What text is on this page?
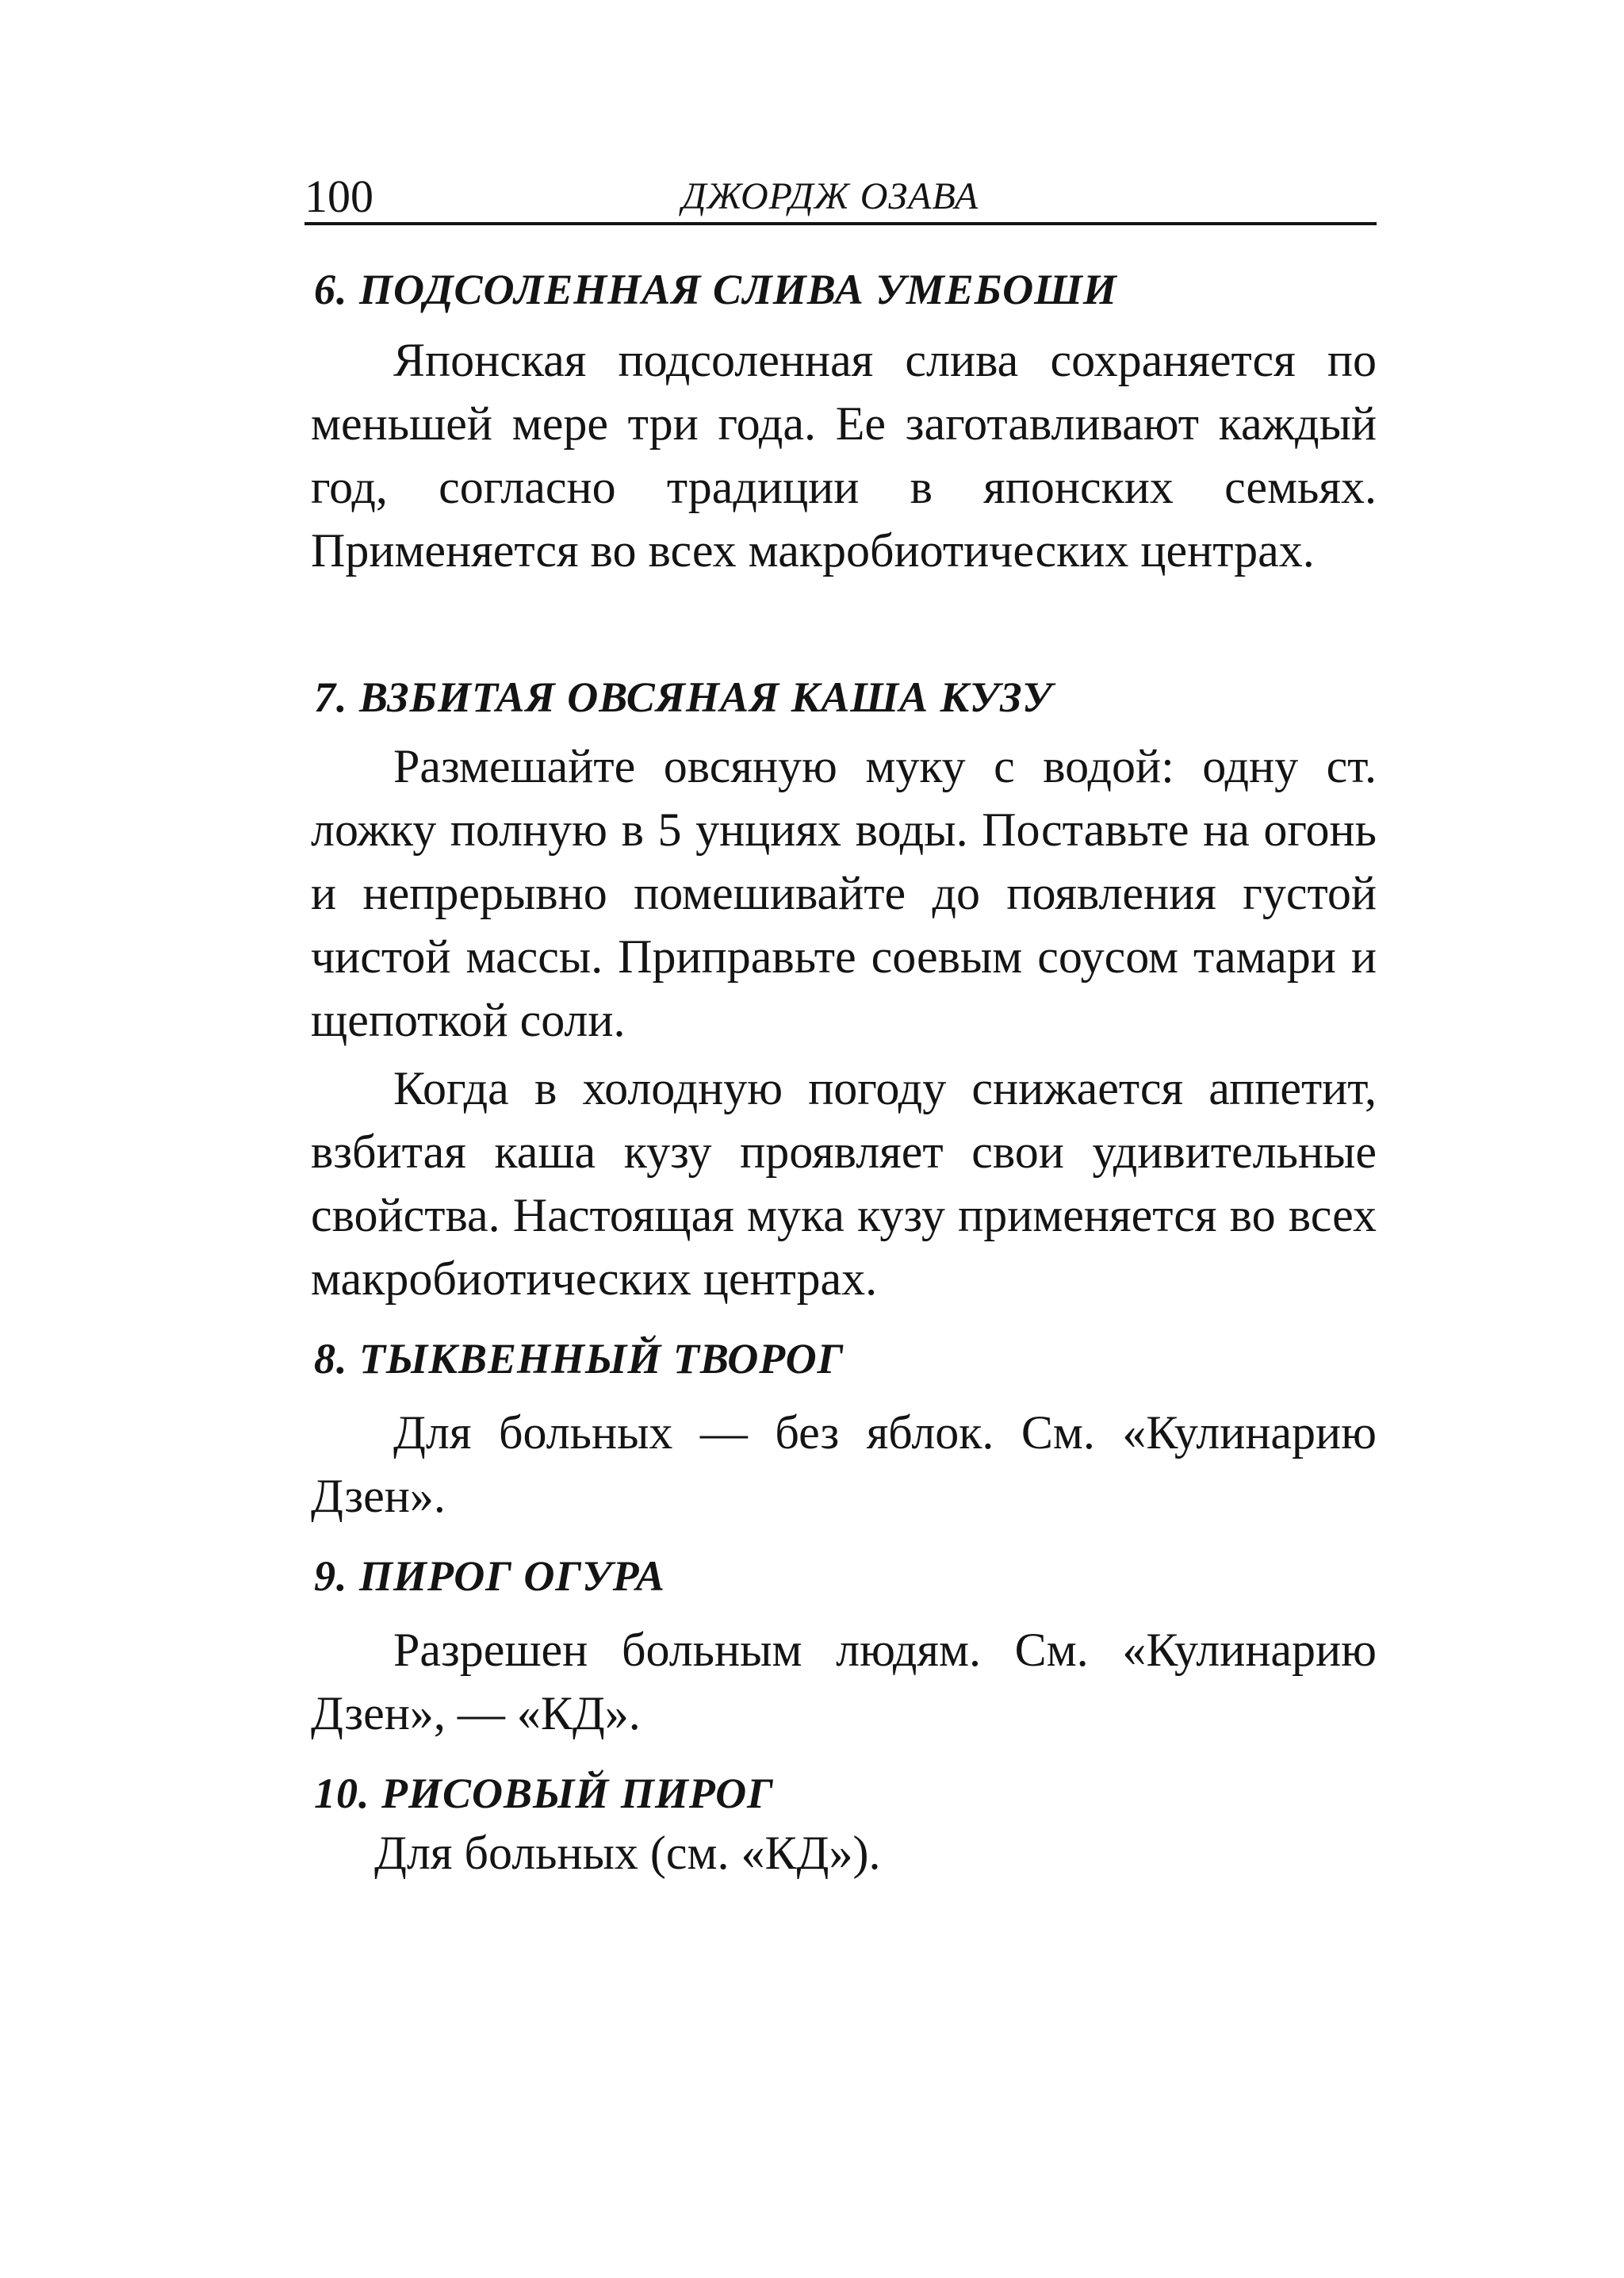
100	ДЖОРДЖ ОЗАВА
6. ПОДСОЛЕННАЯ СЛИВА УМЕБОШИ

Японская подсоленная слива сохраняется по меньшей мере три года. Ее заготавливают каждый год, согласно традиции в японских семьях. Применяется во всех макробиотических центрах.

7. ВЗБИТАЯ ОВСЯНАЯ КАША КУЗУ

Размешайте овсяную муку с водой: одну ст. ложку полную в 5 унциях воды. Поставьте на огонь и непрерывно помешивайте до появления густой чистой массы. Приправьте соевым соусом тамари и щепоткой соли.

Когда в холодную погоду снижается аппетит, взбитая каша кузу проявляет свои удивительные свойства. Настоящая мука кузу применяется во всех макробиотических центрах.

8. ТЫКВЕННЫЙ ТВОРОГ

Для больных — без яблок. См. «Кулинарию Дзен».

9. ПИРОГ ОГУРА

Разрешен больным людям. См. «Кулинарию Дзен», — «КД».

10. РИСОВЫЙ ПИРОГ

Для больных (см. «КД»).
